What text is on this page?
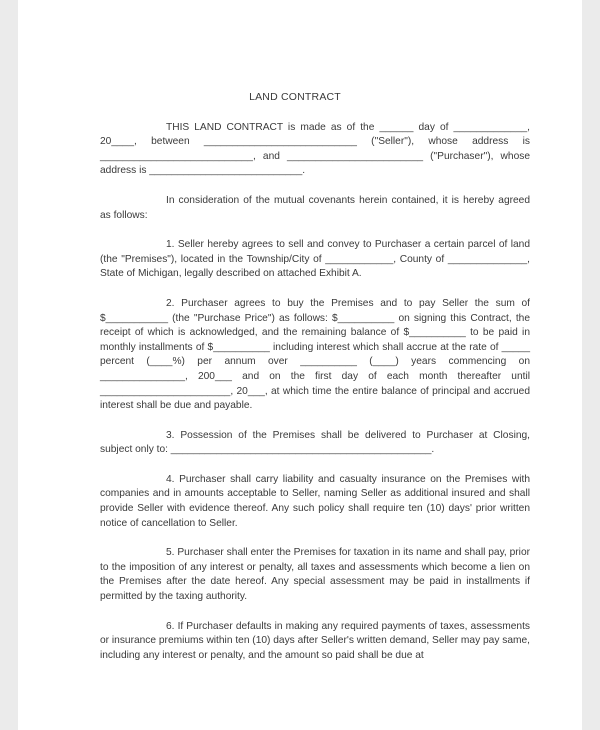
LAND CONTRACT

THIS LAND CONTRACT is made as of the ______ day of _____________, 20____, between ___________________________ ("Seller"), whose address is ___________________________, and ________________________ ("Purchaser"), whose address is ___________________________.

In consideration of the mutual covenants herein contained, it is hereby agreed as follows:

1. Seller hereby agrees to sell and convey to Purchaser a certain parcel of land (the "Premises"), located in the Township/City of ____________, County of ______________, State of Michigan, legally described on attached Exhibit A.

2. Purchaser agrees to buy the Premises and to pay Seller the sum of $___________ (the "Purchase Price") as follows: $__________ on signing this Contract, the receipt of which is acknowledged, and the remaining balance of $__________ to be paid in monthly installments of $__________ including interest which shall accrue at the rate of _____ percent (____%) per annum over __________ (____) years commencing on _______________, 200___ and on the first day of each month thereafter until _______________________, 20___, at which time the entire balance of principal and accrued interest shall be due and payable.

3. Possession of the Premises shall be delivered to Purchaser at Closing, subject only to: ______________________________________________.

4. Purchaser shall carry liability and casualty insurance on the Premises with companies and in amounts acceptable to Seller, naming Seller as additional insured and shall provide Seller with evidence thereof. Any such policy shall require ten (10) days' prior written notice of cancellation to Seller.

5. Purchaser shall enter the Premises for taxation in its name and shall pay, prior to the imposition of any interest or penalty, all taxes and assessments which become a lien on the Premises after the date hereof. Any special assessment may be paid in installments if permitted by the taxing authority.

6. If Purchaser defaults in making any required payments of taxes, assessments or insurance premiums within ten (10) days after Seller's written demand, Seller may pay same, including any interest or penalty, and the amount so paid shall be due at
